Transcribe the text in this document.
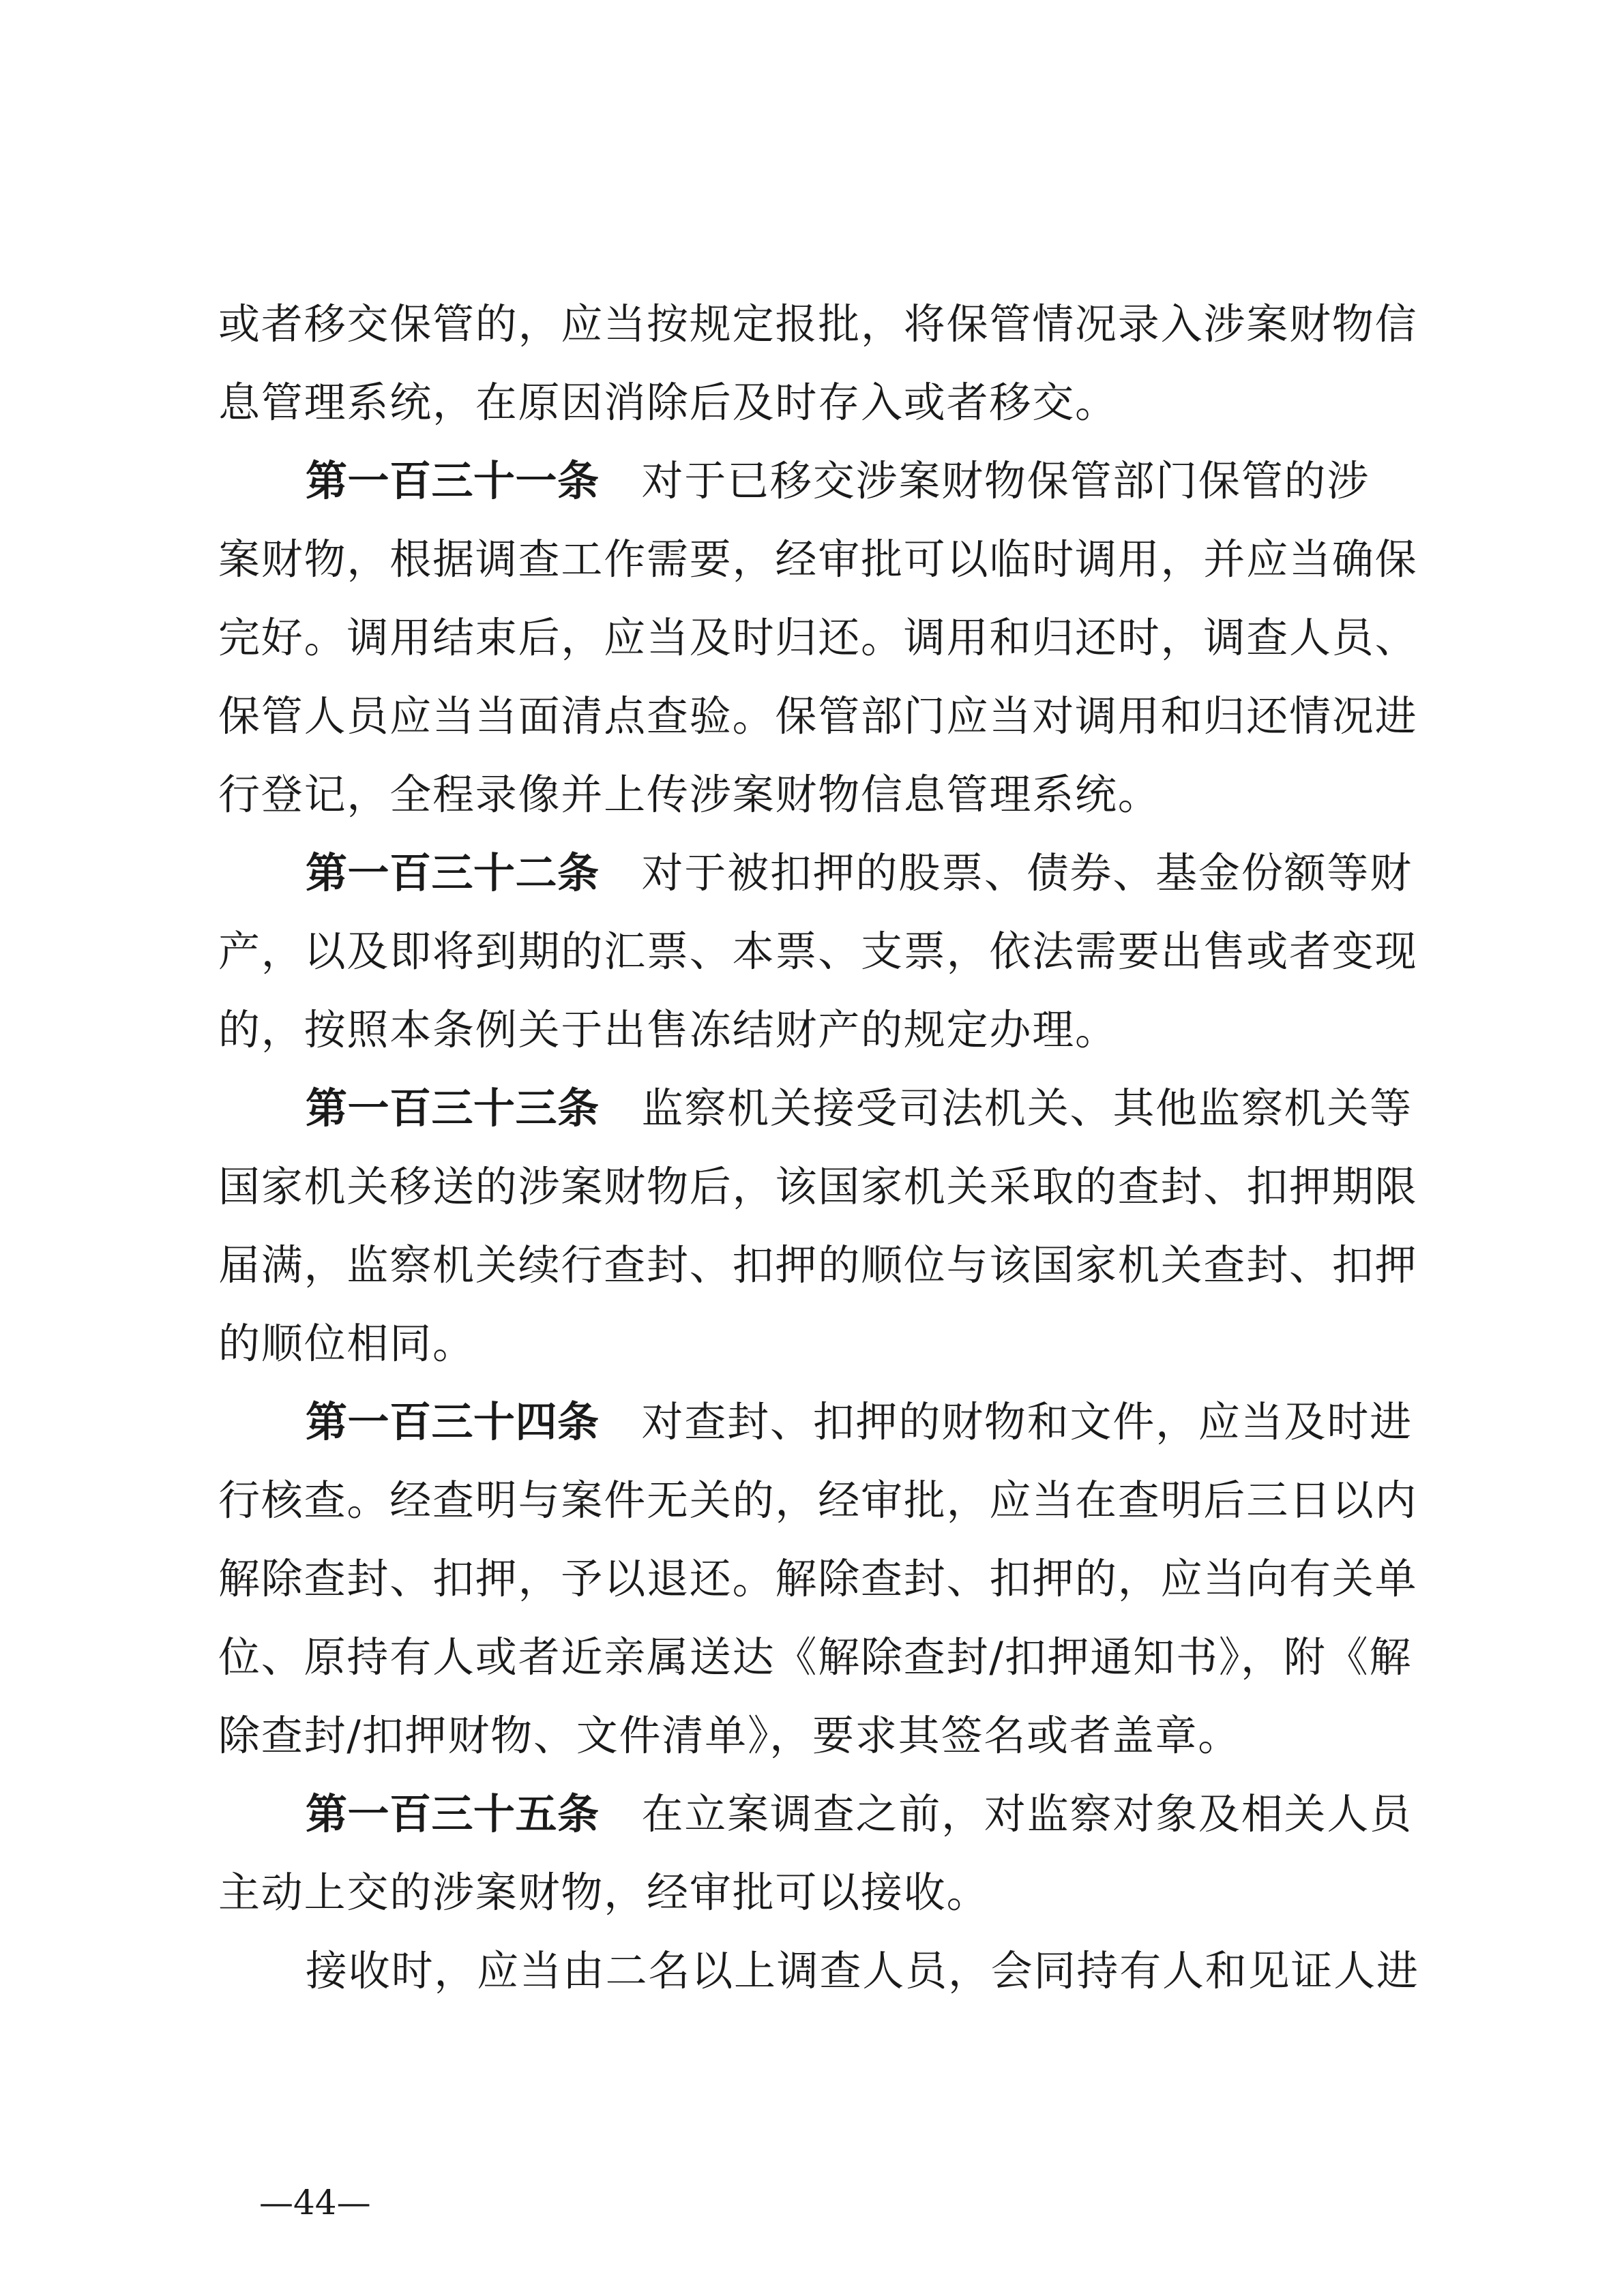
或者移交保管的，应当按规定报批，将保管情况录入涉案财物信
息管理系统，在原因消除后及时存入或者移交。
第一百三十一条 对于已移交涉案财物保管部门保管的涉
案财物，根据调查工作需要，经审批可以临时调用，并应当确保
完好。调用结束后，应当及时归还。调用和归还时，调查人员、
保管人员应当当面清点查验。保管部门应当对调用和归还情况进
行登记，全程录像并上传涉案财物信息管理系统。
第一百三十二条 对于被扣押的股票、债券、基金份额等财
产，以及即将到期的汇票、本票、支票，依法需要出售或者变现
的，按照本条例关于出售冻结财产的规定办理。
第一百三十三条 监察机关接受司法机关、其他监察机关等
国家机关移送的涉案财物后，该国家机关采取的查封、扣押期限
届满，监察机关续行查封、扣押的顺位与该国家机关查封、扣押
的顺位相同。
第一百三十四条 对查封、扣押的财物和文件，应当及时进
行核查。经查明与案件无关的，经审批，应当在查明后三日以内
解除查封、扣押，予以退还。解除查封、扣押的，应当向有关单
位、原持有人或者近亲属送达《解除查封/扣押通知书》，附《解
除查封/扣押财物、文件清单》，要求其签名或者盖章。
第一百三十五条 在立案调查之前，对监察对象及相关人员
主动上交的涉案财物，经审批可以接收。
接收时，应当由二名以上调查人员，会同持有人和见证人进
—44—
